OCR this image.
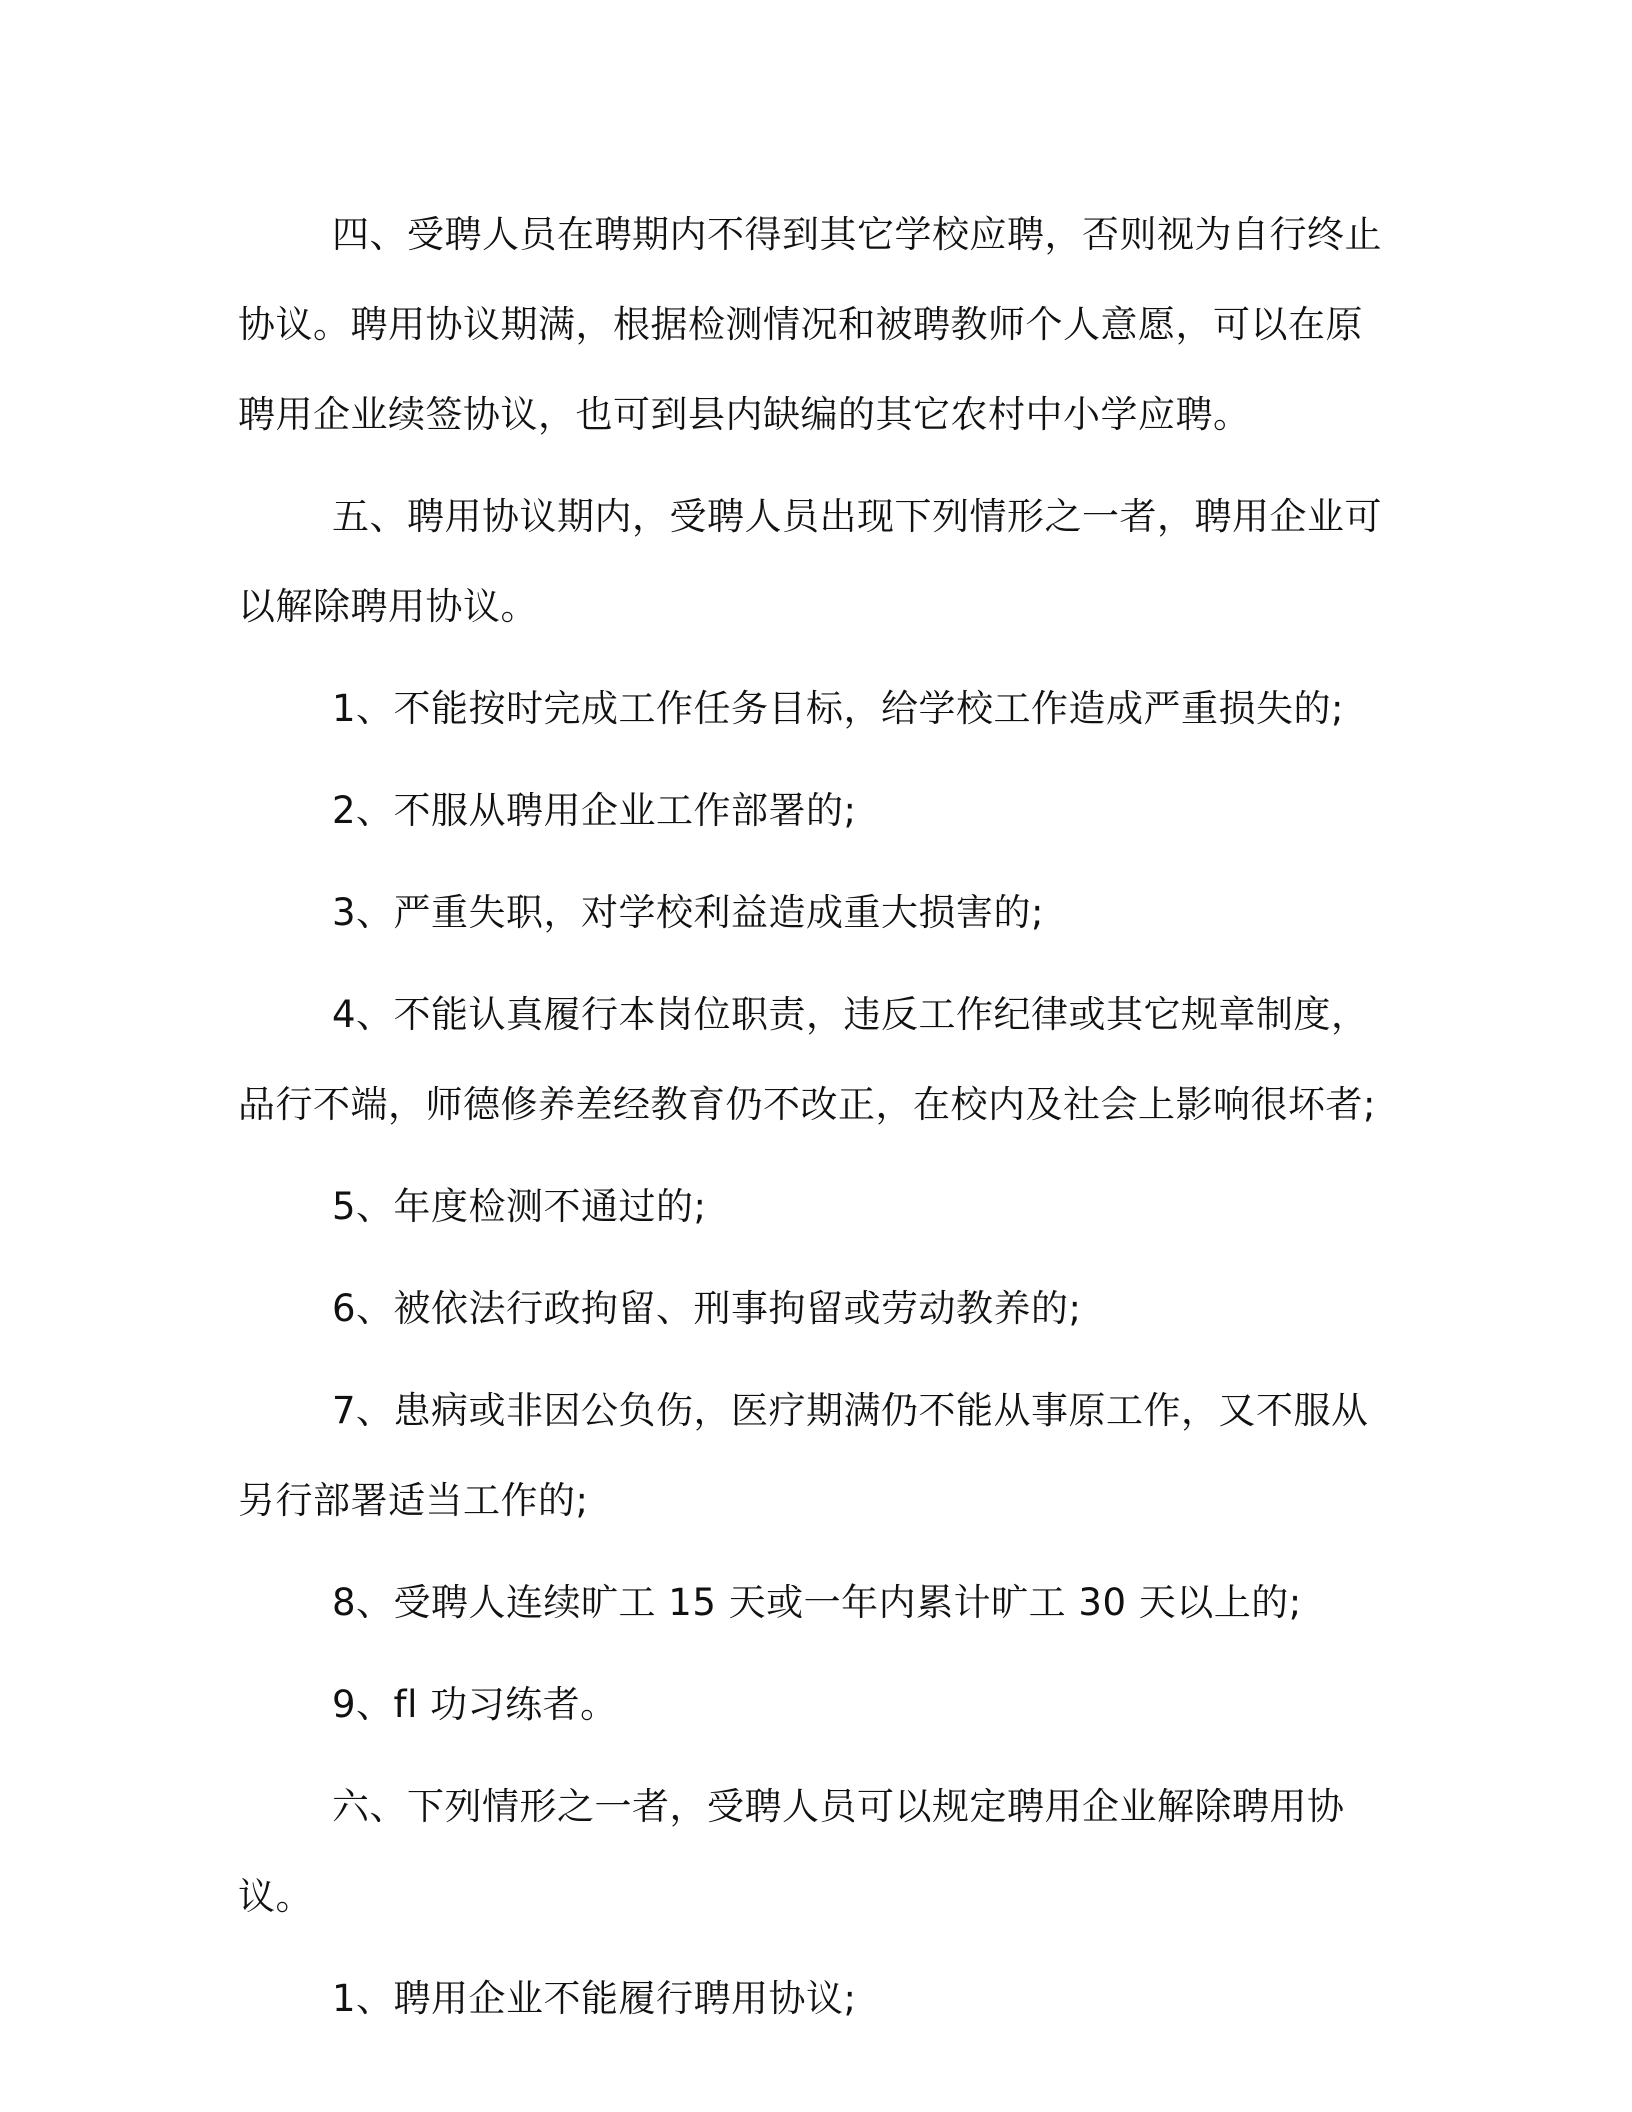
四、受聘人员在聘期内不得到其它学校应聘，否则视为自行终止协议。聘用协议期满，根据检测情况和被聘教师个人意愿，可以在原聘用企业续签协议，也可到县内缺编的其它农村中小学应聘。

五、聘用协议期内，受聘人员出现下列情形之一者，聘用企业可以解除聘用协议。

1、不能按时完成工作任务目标，给学校工作造成严重损失的;

2、不服从聘用企业工作部署的;

3、严重失职，对学校利益造成重大损害的;

4、不能认真履行本岗位职责，违反工作纪律或其它规章制度，品行不端，师德修养差经教育仍不改正，在校内及社会上影响很坏者;

5、年度检测不通过的;

6、被依法行政拘留、刑事拘留或劳动教养的;

7、患病或非因公负伤，医疗期满仍不能从事原工作，又不服从另行部署适当工作的;

8、受聘人连续旷工 15 天或一年内累计旷工 30 天以上的;

9、fl 功习练者。

六、下列情形之一者，受聘人员可以规定聘用企业解除聘用协议。

1、聘用企业不能履行聘用协议;
